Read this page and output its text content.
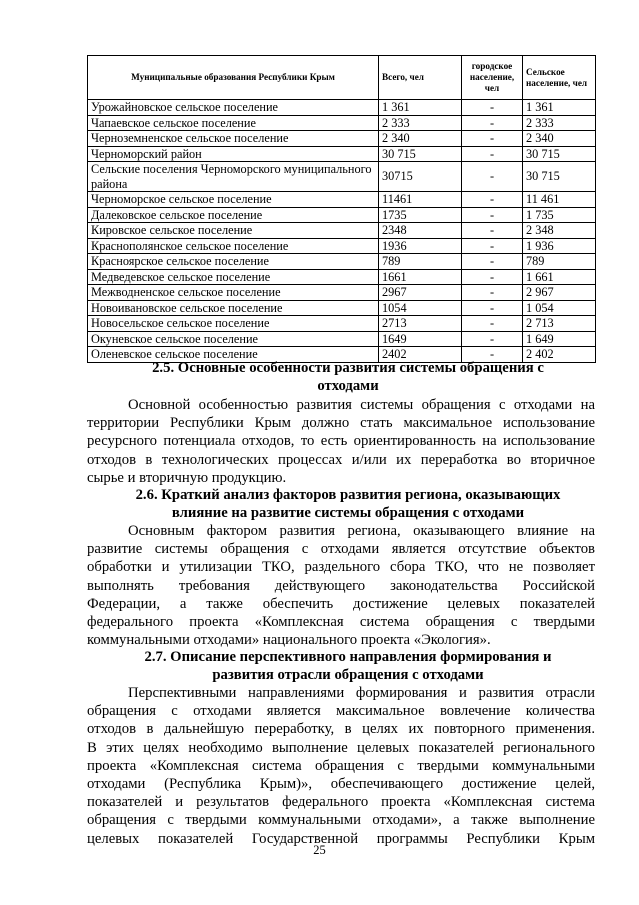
Муниципальные образования Республики Крым	Всего, чел	городское население, чел	Сельское население, чел
Урожайновское сельское поселение	1 361	-	1 361
Чапаевское сельское поселение	2 333	-	2 333
Черноземненское сельское поселение	2 340	-	2 340
Черноморский район	30 715	-	30 715
Сельские поселения Черноморского муниципального района	30715	-	30 715
Черноморское сельское поселение	11461	-	11 461
Далековское сельское поселение	1735	-	1 735
Кировское сельское поселение	2348	-	2 348
Краснополянское сельское поселение	1936	-	1 936
Красноярское сельское поселение	789	-	789
Медведевское сельское поселение	1661	-	1 661
Межводненское сельское поселение	2967	-	2 967
Новоивановское сельское поселение	1054	-	1 054
Новосельское сельское поселение	2713	-	2 713
Окуневское сельское поселение	1649	-	1 649
Оленевское сельское поселение	2402	-	2 402
2.5. Основные особенности развития системы обращения с
отходами
Основной особенностью развития системы обращения с отходами на
территории Республики Крым должно стать максимальное использование
ресурсного потенциала отходов, то есть ориентированность на использование
отходов в технологических процессах и/или их переработка во вторичное
сырье и вторичную продукцию.
2.6. Краткий анализ факторов развития региона, оказывающих
влияние на развитие системы обращения с отходами
Основным фактором развития региона, оказывающего влияние на
развитие системы обращения с отходами является отсутствие объектов
обработки и утилизации ТКО, раздельного сбора ТКО, что не позволяет
выполнять требования действующего законодательства Российской
Федерации, а также обеспечить достижение целевых показателей
федерального проекта «Комплексная система обращения с твердыми
коммунальными отходами» национального проекта «Экология».
2.7. Описание перспективного направления формирования и
развития отрасли обращения с отходами
Перспективными направлениями формирования и развития отрасли
обращения с отходами является максимальное вовлечение количества
отходов в дальнейшую переработку, в целях их повторного применения.
В этих целях необходимо выполнение целевых показателей регионального
проекта «Комплексная система обращения с твердыми коммунальными
отходами (Республика Крым)», обеспечивающего достижение целей,
показателей и результатов федерального проекта «Комплексная система
обращения с твердыми коммунальными отходами», а также выполнение
целевых показателей Государственной программы Республики Крым
25
